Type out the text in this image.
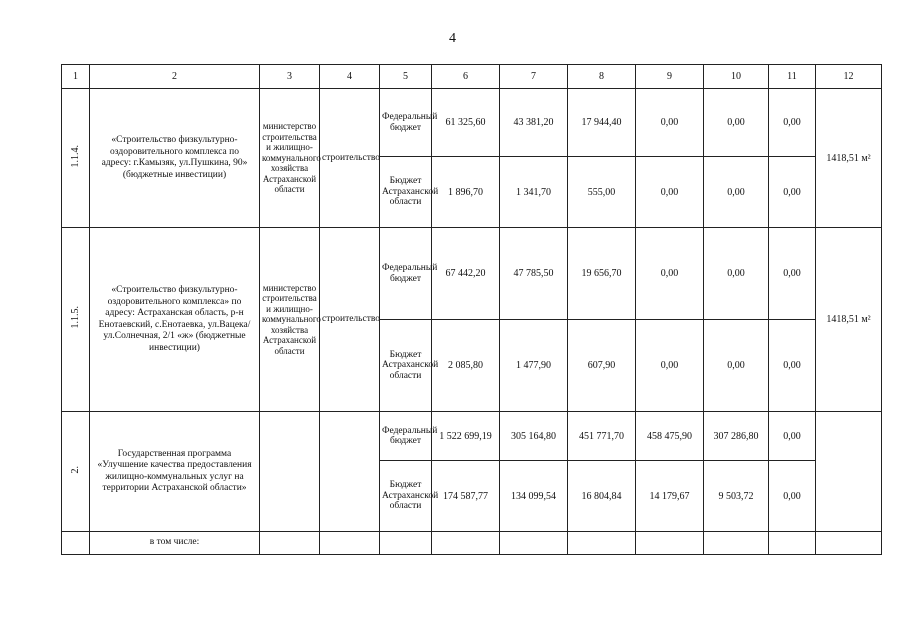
4
1	2	3	4	5	6	7	8	9	10	11	12
1.1.4.	«Строительство физкультурно-оздоровительного комплекса по адресу: г.Камызяк, ул.Пушкина, 90» (бюджетные инвестиции)	министерство строительства и жилищно-коммунального хозяйства Астраханской области	строительство	Федеральный бюджет	61 325,60	43 381,20	17 944,40	0,00	0,00	0,00	1418,51 м²
				Бюджет Астраханской области	1 896,70	1 341,70	555,00	0,00	0,00	0,00	
1.1.5.	«Строительство физкультурно-оздоровительного комплекса» по адресу: Астраханская область, р-н Енотаевский, с.Енотаевка, ул.Вацека/ул.Солнечная, 2/1 «ж» (бюджетные инвестиции)	министерство строительства и жилищно-коммунального хозяйства Астраханской области	строительство	Федеральный бюджет	67 442,20	47 785,50	19 656,70	0,00	0,00	0,00	1418,51 м²
				Бюджет Астраханской области	2 085,80	1 477,90	607,90	0,00	0,00	0,00	
2.	Государственная программа «Улучшение качества предоставления жилищно-коммунальных услуг на территории Астраханской области»			Федеральный бюджет	1 522 699,19	305 164,80	451 771,70	458 475,90	307 286,80	0,00	
				Бюджет Астраханской области	174 587,77	134 099,54	16 804,84	14 179,67	9 503,72	0,00	
	в том числе:										
